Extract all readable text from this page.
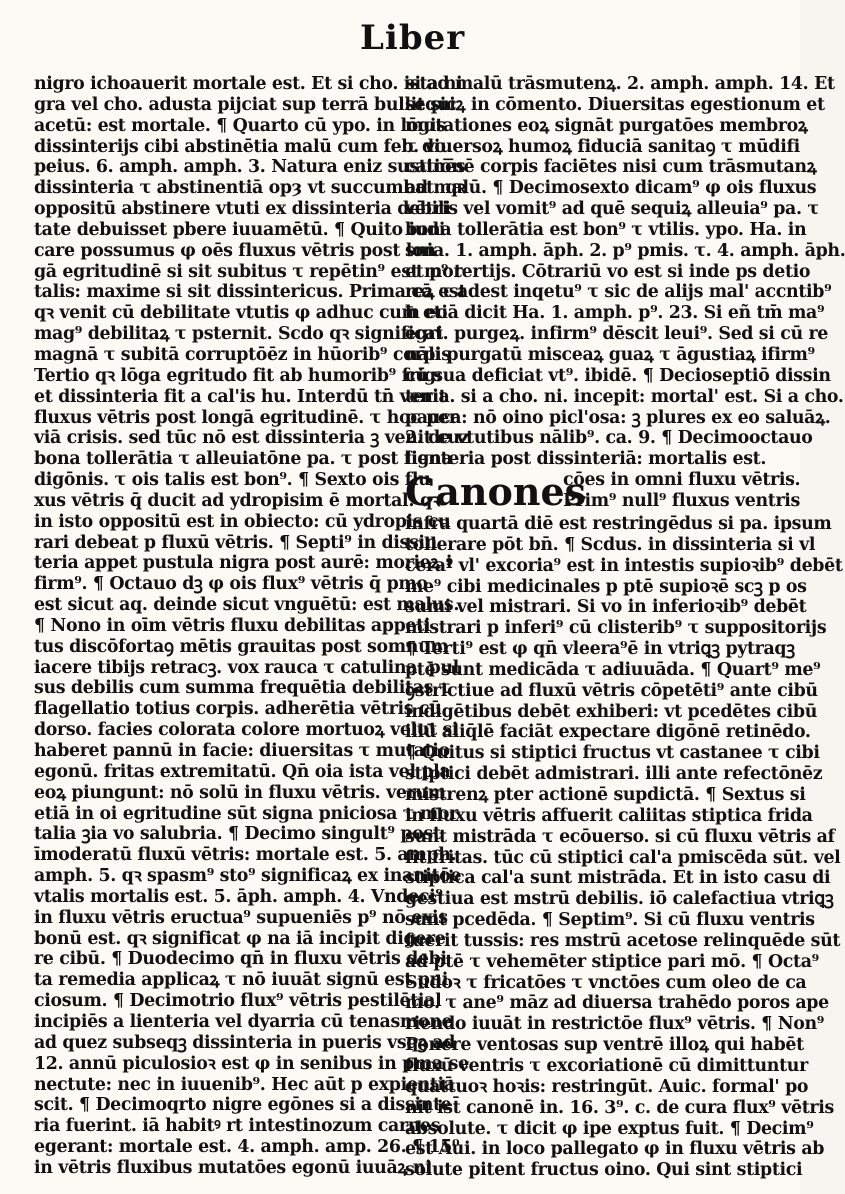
Liber
nigro ichoauerit mortale est. Et si cho. ista ni
gra vel cho. adusta pijciat sup terrā bullit sic
acetū: est mortale. ¶ Quarto cū ypo. in lōgis
dissinterijs cibi abstinētia malū cum feb. vo
peius. 6. amph. amph. 3. Natura eniz sustinēs
dissinteria τ abstinentiā opȝ vt succumbat: qꝛ
oppositū abstinere vtuti ex dissinteria debili
tate debuisset pbere iuuamētū. ¶ Quito iudi
care possumus φ oēs fluxus vētris post lon
gā egritudinē si sit subitus τ repētin⁹ est mor
talis: maxime si sit dissintericus. Prima cā est
qꝛ venit cū debilitate vtutis φ adhuc cum eo
mag⁹ debilitaꝝ τ psternit. Scdo qꝛ significat
magnā τ subitā corruptōēz in hūorib⁹ corpis
Tertio qꝛ lōga egritudo fit ab humorib⁹ frig:
et dissinteria fit a cal'is hu. Interdū tn̄ venit
fluxus vētris post longā egritudinē. τ hoc per
viā crisis. sed tūc nō est dissinteria ꝫ venit cuz
bona tollerātia τ alleuiatōne pa. τ post figna
digōnis. τ ois talis est bon⁹. ¶ Sexto ois flu
xus vētris q̄ ducit ad ydropisim ē mortal: qꝛ
in isto oppositū est in obiecto: cū ydropis cu
rari debeat p fluxū vētris. ¶ Septi⁹ in dissin
teria appet pustula nigra post aurē: morieꝝ i
firm⁹. ¶ Octauo dꝫ φ ois flux⁹ vētris q̄ pmo
est sicut aq. deinde sicut vnguētū: est malus.
¶ Nono in oīm vētris fluxu debilitas appeti
tus discōfortaꝯ mētis grauitas post somnum
iacere tibijs retracꝫ. vox rauca τ catulina. pul
sus debilis cum summa frequētia debilitas τ
flagellatio totius corpis. adherētia vētris cū
dorso. facies colorata colore mortuoꝝ velut si
haberet pannū in facie: diuersitas τ mutatio
egonū. fritas extremitatū. Qn̄ oia ista vel pla
eoꝝ piungunt: nō solū in fluxu vētris. verum
etiā in oi egritudine sūt signa pniciosa τ mor
talia ꝫia vo salubria. ¶ Decimo singult⁹ post
īmoderatū fluxū vētris: mortale est. 5. amph.
amph. 5. qꝛ spasm⁹ sto⁹ significaꝝ ex inanitōe
vtalis mortalis est. 5. āph. amph. 4. Vndeci⁹
in fluxu vētris eructua⁹ supueniēs p⁹ nō exis
bonū est. qꝛ significat φ na iā incipit digere
re cibū. ¶ Duodecimo qn̄ in fluxu vētris debi
ta remedia applicaꝝ τ nō iuuāt signū est pni
ciosum. ¶ Decimotrio flux⁹ vētris pestilētial
incipiēs a lienteria vel dyarria cū tenasmone
ad quez subseqꝫ dissinteria in pueris vsqꝫ ad
12. annū piculosioꝛ est φ in senibus in pma se
nectute: nec in iuuenib⁹. Hec aūt p expientiā
scit. ¶ Decimoqrto nigre egōnes si a dissinte
ria fuerint. iā habitꝰ rt intestinozum carnes
egerant: mortale est. 4. amph. amp. 26. ¶ 15⁰
in vētris fluxibus mutatōes egonū iuuāꝝ ni
si ad malū trāsmutenꝝ. 2. amph. amph. 14. Et
sequiꝝ in cōmento. Diuersitas egestionum et
mutationes eoꝝ signāt purgatōes membroꝝ
τ diuersoꝝ humoꝝ fiduciā sanitaꝯ τ mūdifi
catiōnē corpis faciētes nisi cum trāsmutanꝝ
ad malū. ¶ Decimosexto dicam⁹ φ ois fluxus
vētris vel vomit⁹ ad quē sequiꝝ alleuia⁹ pa. τ
bona tollerātia est bon⁹ τ vtilis. ypo. Ha. in
snia. 1. amph. āph. 2. p⁹ pmis. τ. 4. amph. āph.
et p⁹ tertijs. Cōtrariū vo est si inde ps detio
reꝝ τ adest inqetu⁹ τ sic de alijs mal' accntib⁹
ħ etiā dicit Ha. 1. amph. p⁹. 23. Si eñ tm̄ ma⁹
egri. purgeꝝ. infirm⁹ dēscit leui⁹. Sed si cū re
nāli purgatū misceaꝝ guaꝝ τ āgustiaꝝ ifirm⁹
cū sua deficiat vt⁹. ibidē. ¶ Decioseptiō dissin
teria. si a cho. ni. incepit: mortal' est. Si a cho.
pauca: nō oino picl'osa: ꝫ plures ex eo saluāꝝ.
2. de vtutibus nālib⁹. ca. 9. ¶ Decimooctauo
lienteria post dissinteriā: mortalis est.
Canones
cōes in omni fluxu vētris.
Prim⁹ null⁹ fluxus ventris
infra quartā diē est restringēdus si pa. ipsum
tollerare pōt bn̄. ¶ Scdus. in dissinteria si vl
cera⁹ vl' excoria⁹ est in intestis supioꝛib⁹ debēt
me⁹ cibi medicinales p ptē supioꝛē scꝫ p os
sumi vel mistrari. Si vo in inferioꝛib⁹ debēt
mistrari p inferi⁹ cū clisterib⁹ τ suppositorijs
¶ Terti⁹ est φ qn̄ vleera⁹ē in vtriꝗꝫ pytraqꝫ
ptē sunt medicāda τ adiuuāda. ¶ Quart⁹ me⁹
ꝯstrictiue ad fluxū vētris cōpetēti⁹ ante cibū
indigētibus debēt exhiberi: vt pcedētes cibū
illū aliq̄lē faciāt expectare digōnē retinēdo.
¶ Quitus si stiptici fructus vt castanee τ cibi
stiptici debēt admistrari. illi ante refectōnēz
mistrenꝝ pter actionē supdictā. ¶ Sextus si
in fluxu vētris affuerit caliitas stiptica frida
sunt mistrāda τ ecōuerso. si cū fluxu vētris af
fit fritas. tūc cū stiptici cal'a pmiscēda sūt. vel
stiptica cal'a sunt mistrāda. Et in isto casu di
gestiua est mstrū debilis. iō calefactiua vtriꝗꝫ
sunt pcedēda. ¶ Septim⁹. Si cū fluxu ventris
fuerit tussis: res mstrū acetose relinquēde sūt
ad ptē τ vehemēter stiptice pari mō. ¶ Octa⁹
Sudoꝛ τ fricatōes τ vnctōes cum oleo de ca
mo. τ ane⁹ māz ad diuersa trahēdo poros ape
riendo iuuāt in restrictōe flux⁹ vētris. ¶ Non⁹
Ponere ventosas sup ventrē illoꝝ qui habēt
fluxū ventris τ excoriationē cū dimittuntur
quattuoꝛ hoꝛis: restringūt. Auic. formal' po
nit ist̄ canonē in. 16. 3⁹. c. de cura flux⁹ vētris
absolute. τ dicit φ ipe exptus fuit. ¶ Decim⁹
est Aui. in loco pallegato φ in fluxu vētris ab
solute pitent fructus oino. Qui sint stiptici
